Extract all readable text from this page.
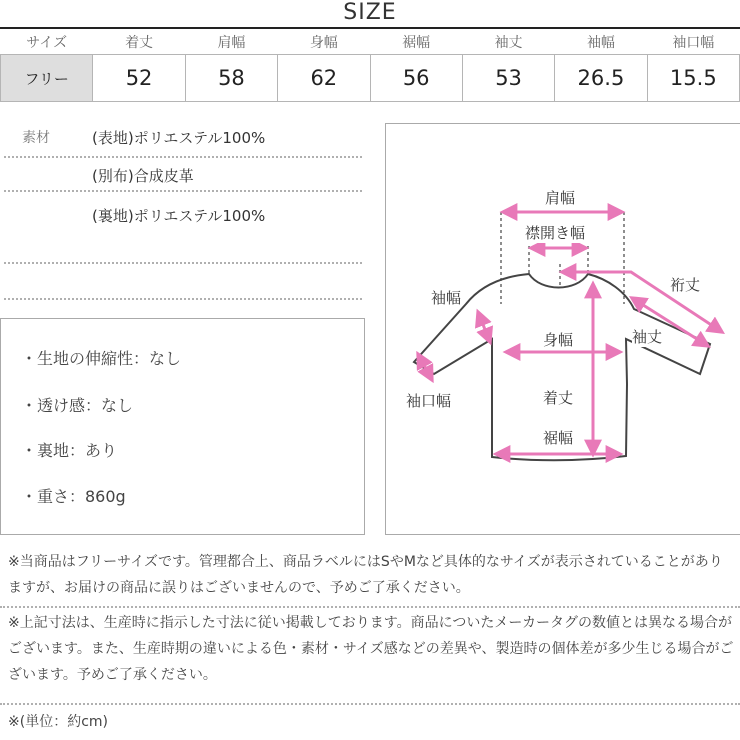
SIZE
サイズ	着丈	肩幅	身幅	裾幅	袖丈	袖幅	袖口幅
フリー	52	58	62	56	53	26.5	15.5
素材	(表地)ポリエステル100%
(別布)合成皮革
(裏地)ポリエステル100%
・生地の伸縮性：なし
・透け感：なし
・裏地：あり
・重さ：860g
肩幅
襟開き幅
裄丈
袖幅
袖丈
身幅
袖口幅	着丈
裾幅
※当商品はフリーサイズです。管理都合上、商品ラベルにはSやMなど具体的なサイズが表示されていることがありますが、お届けの商品に誤りはございませんので、予めご了承ください。
※上記寸法は、生産時に指示した寸法に従い掲載しております。商品についたメーカータグの数値とは異なる場合がございます。また、生産時期の違いによる色・素材・サイズ感などの差異や、製造時の個体差が多少生じる場合がございます。予めご了承ください。
※(単位：約cm)
